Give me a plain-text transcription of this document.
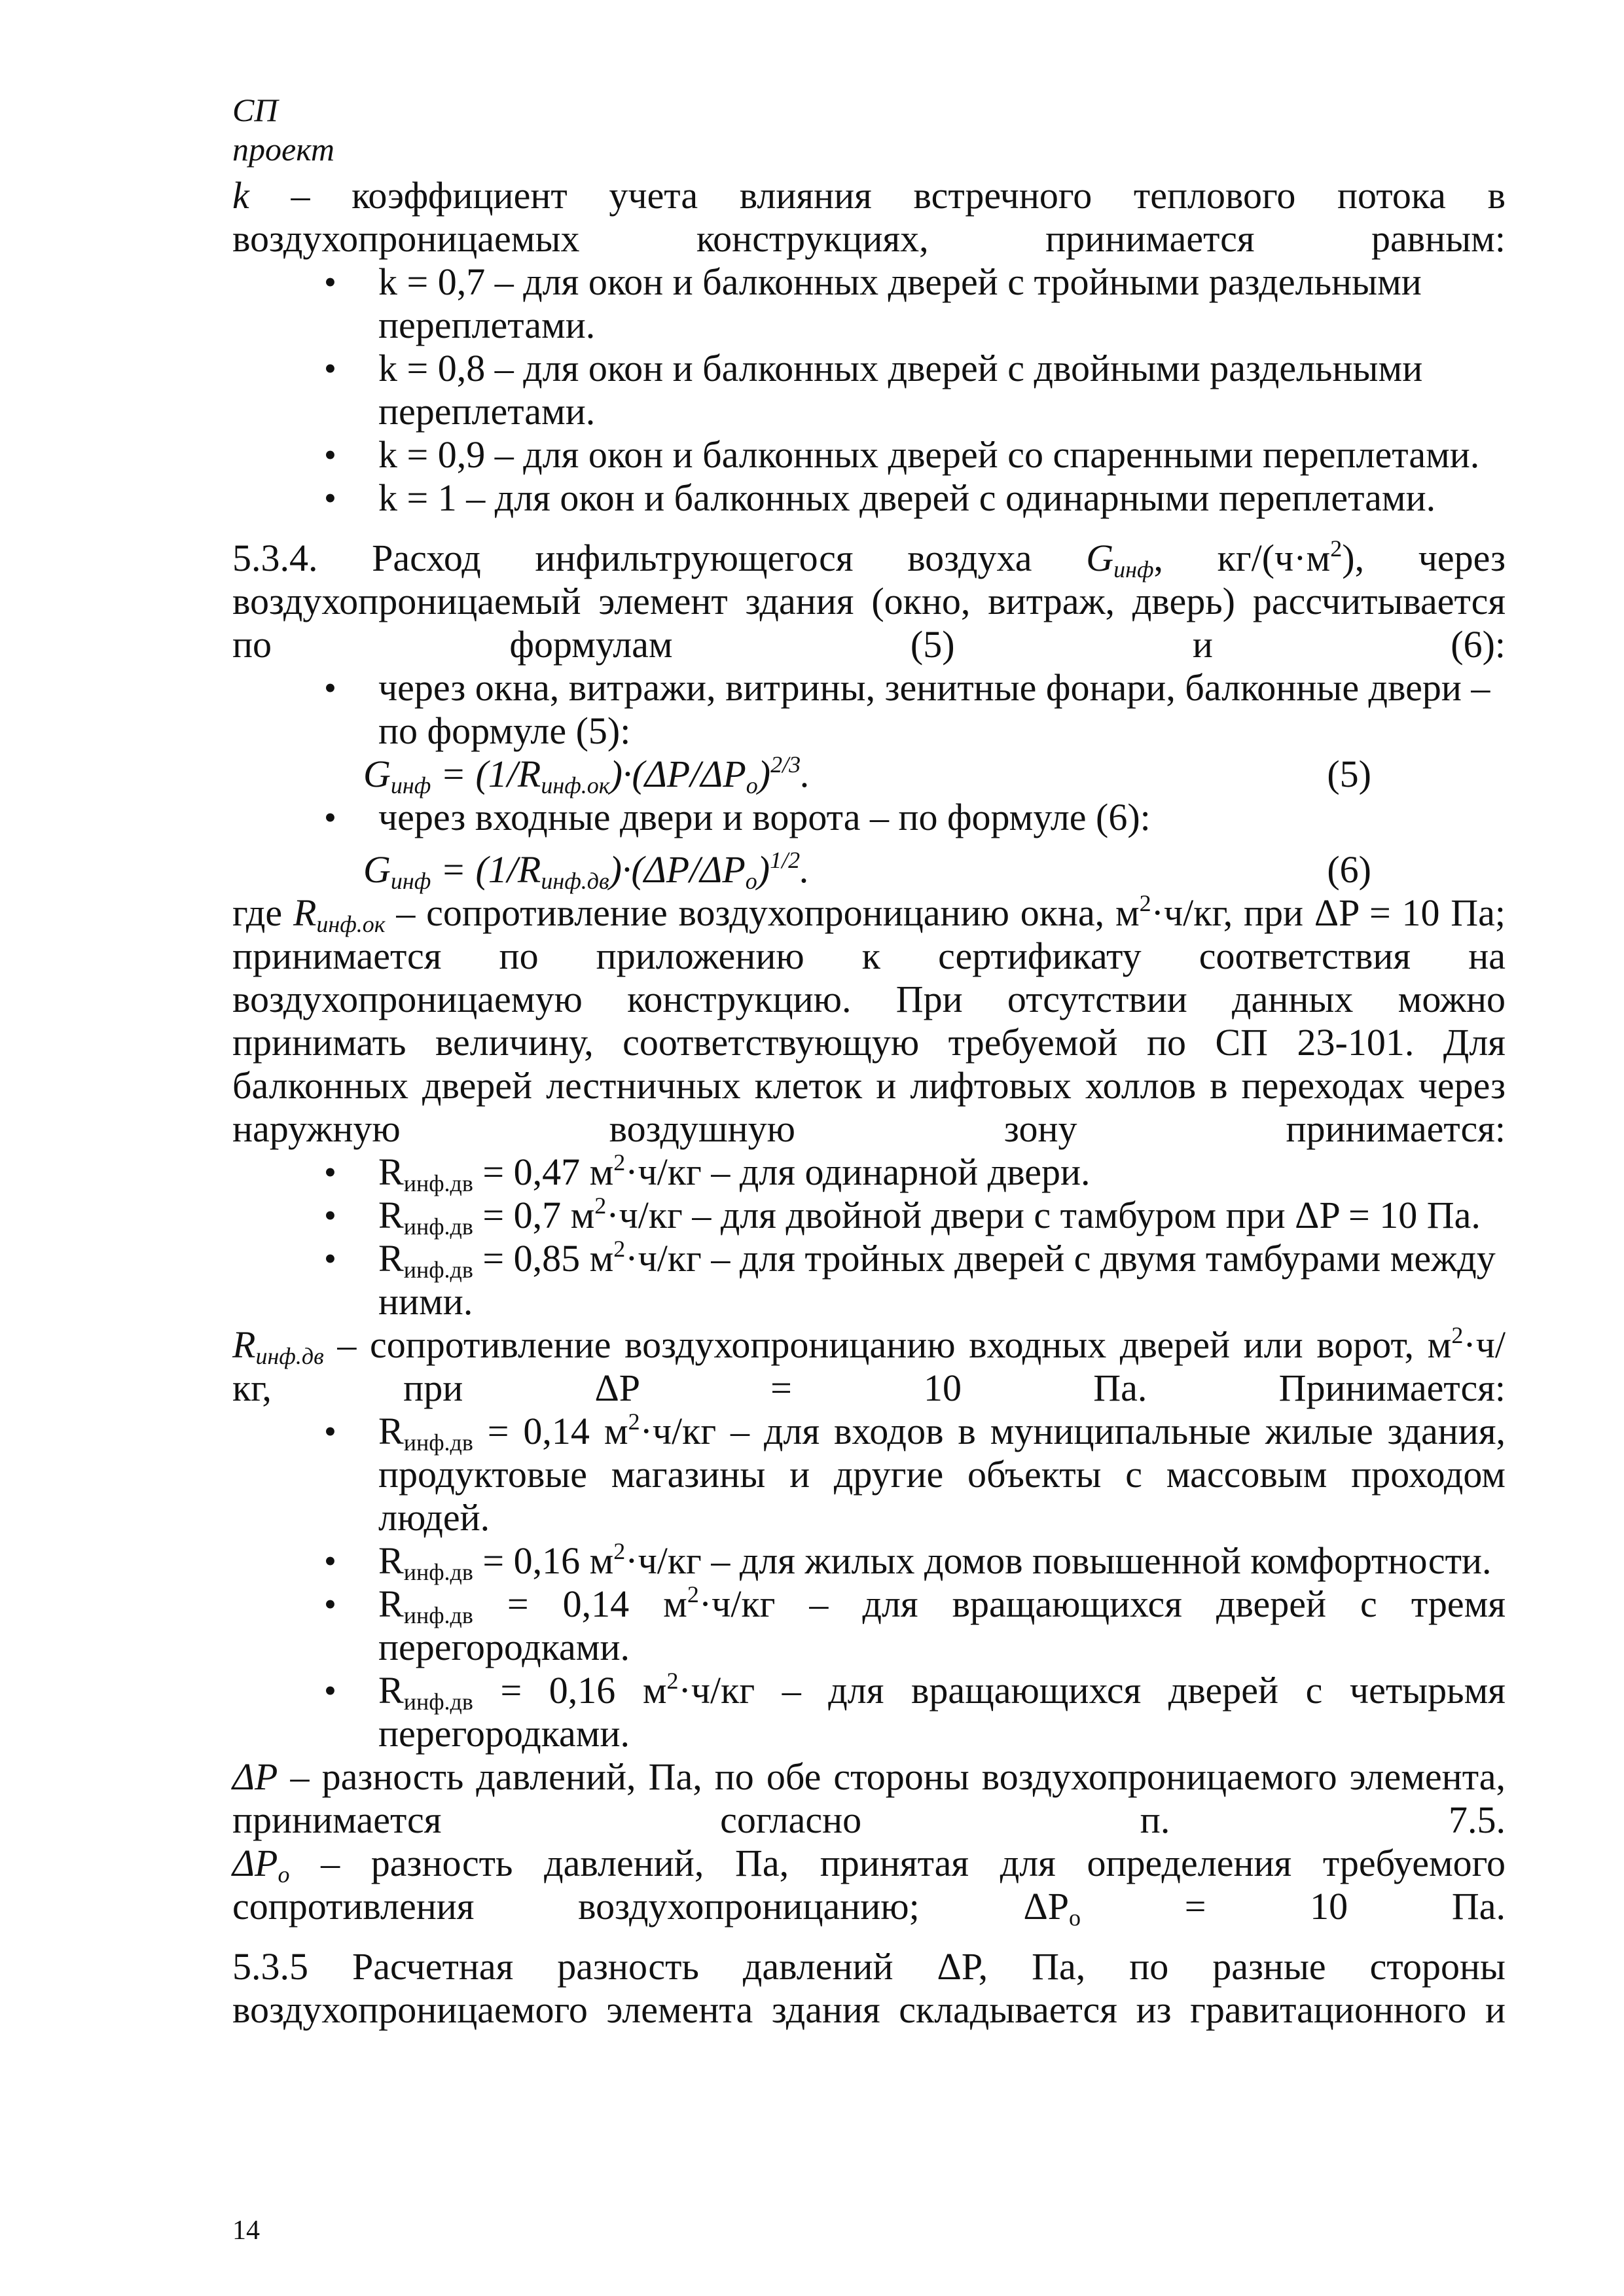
СП
проект
k – коэффициент учета влияния встречного теплового потока в воздухопроницаемых конструкциях, принимается равным:
• k = 0,7 – для окон и балконных дверей с тройными раздельными переплетами.
• k = 0,8 – для окон и балконных дверей с двойными раздельными переплетами.
• k = 0,9 – для окон и балконных дверей со спаренными переплетами.
• k = 1 – для окон и балконных дверей с одинарными переплетами.
5.3.4. Расход инфильтрующегося воздуха Gинф, $кг/(ч\cdot м^2)$, через воздухопроницаемый элемент здания (окно, витраж, дверь) рассчитывается по формулам (5) и (6):
• через окна, витражи, витрины, зенитные фонари, балконные двери – по формуле (5):
$G_{инф} = (1/R_{инф.ок})\cdot(\Delta P/\Delta P_о)^{2/3}$.	(5)
• через входные двери и ворота – по формуле (6):
$G_{инф} = (1/R_{инф.дв})\cdot(\Delta P/\Delta P_о)^{1/2}$.	(6)
где Rинф.ок – сопротивление воздухопроницанию окна, $м^2\cdot ч/кг$, при ΔP = 10 Па; принимается по приложению к сертификату соответствия на воздухопроницаемую конструкцию. При отсутствии данных можно принимать величину, соответствующую требуемой по СП 23-101. Для балконных дверей лестничных клеток и лифтовых холлов в переходах через наружную воздушную зону принимается:
• $R_{инф.дв} = 0,47$ $м^2\cdot ч/кг$ – для одинарной двери.
• $R_{инф.дв} = 0,7$ $м^2\cdot ч/кг$ – для двойной двери с тамбуром при ΔP = 10 Па.
• $R_{инф.дв} = 0,85$ $м^2\cdot ч/кг$ – для тройных дверей с двумя тамбурами между ними.
Rинф.дв – сопротивление воздухопроницанию входных дверей или ворот, $м^2\cdot ч/кг$, при ΔP = 10 Па. Принимается:
• $R_{инф.дв} = 0,14$ $м^2\cdot ч/кг$ – для входов в муниципальные жилые здания, продуктовые магазины и другие объекты с массовым проходом людей.
• $R_{инф.дв} = 0,16$ $м^2\cdot ч/кг$ – для жилых домов повышенной комфортности.
• $R_{инф.дв} = 0,14$ $м^2\cdot ч/кг$ – для вращающихся дверей с тремя перегородками.
• $R_{инф.дв} = 0,16$ $м^2\cdot ч/кг$ – для вращающихся дверей с четырьмя перегородками.
ΔP – разность давлений, Па, по обе стороны воздухопроницаемого элемента, принимается согласно п. 7.5.
ΔPо – разность давлений, Па, принятая для определения требуемого сопротивления воздухопроницанию; $\Delta P_о = 10$ Па.
5.3.5 Расчетная разность давлений ΔP, Па, по разные стороны воздухопроницаемого элемента здания складывается из гравитационного и
14
